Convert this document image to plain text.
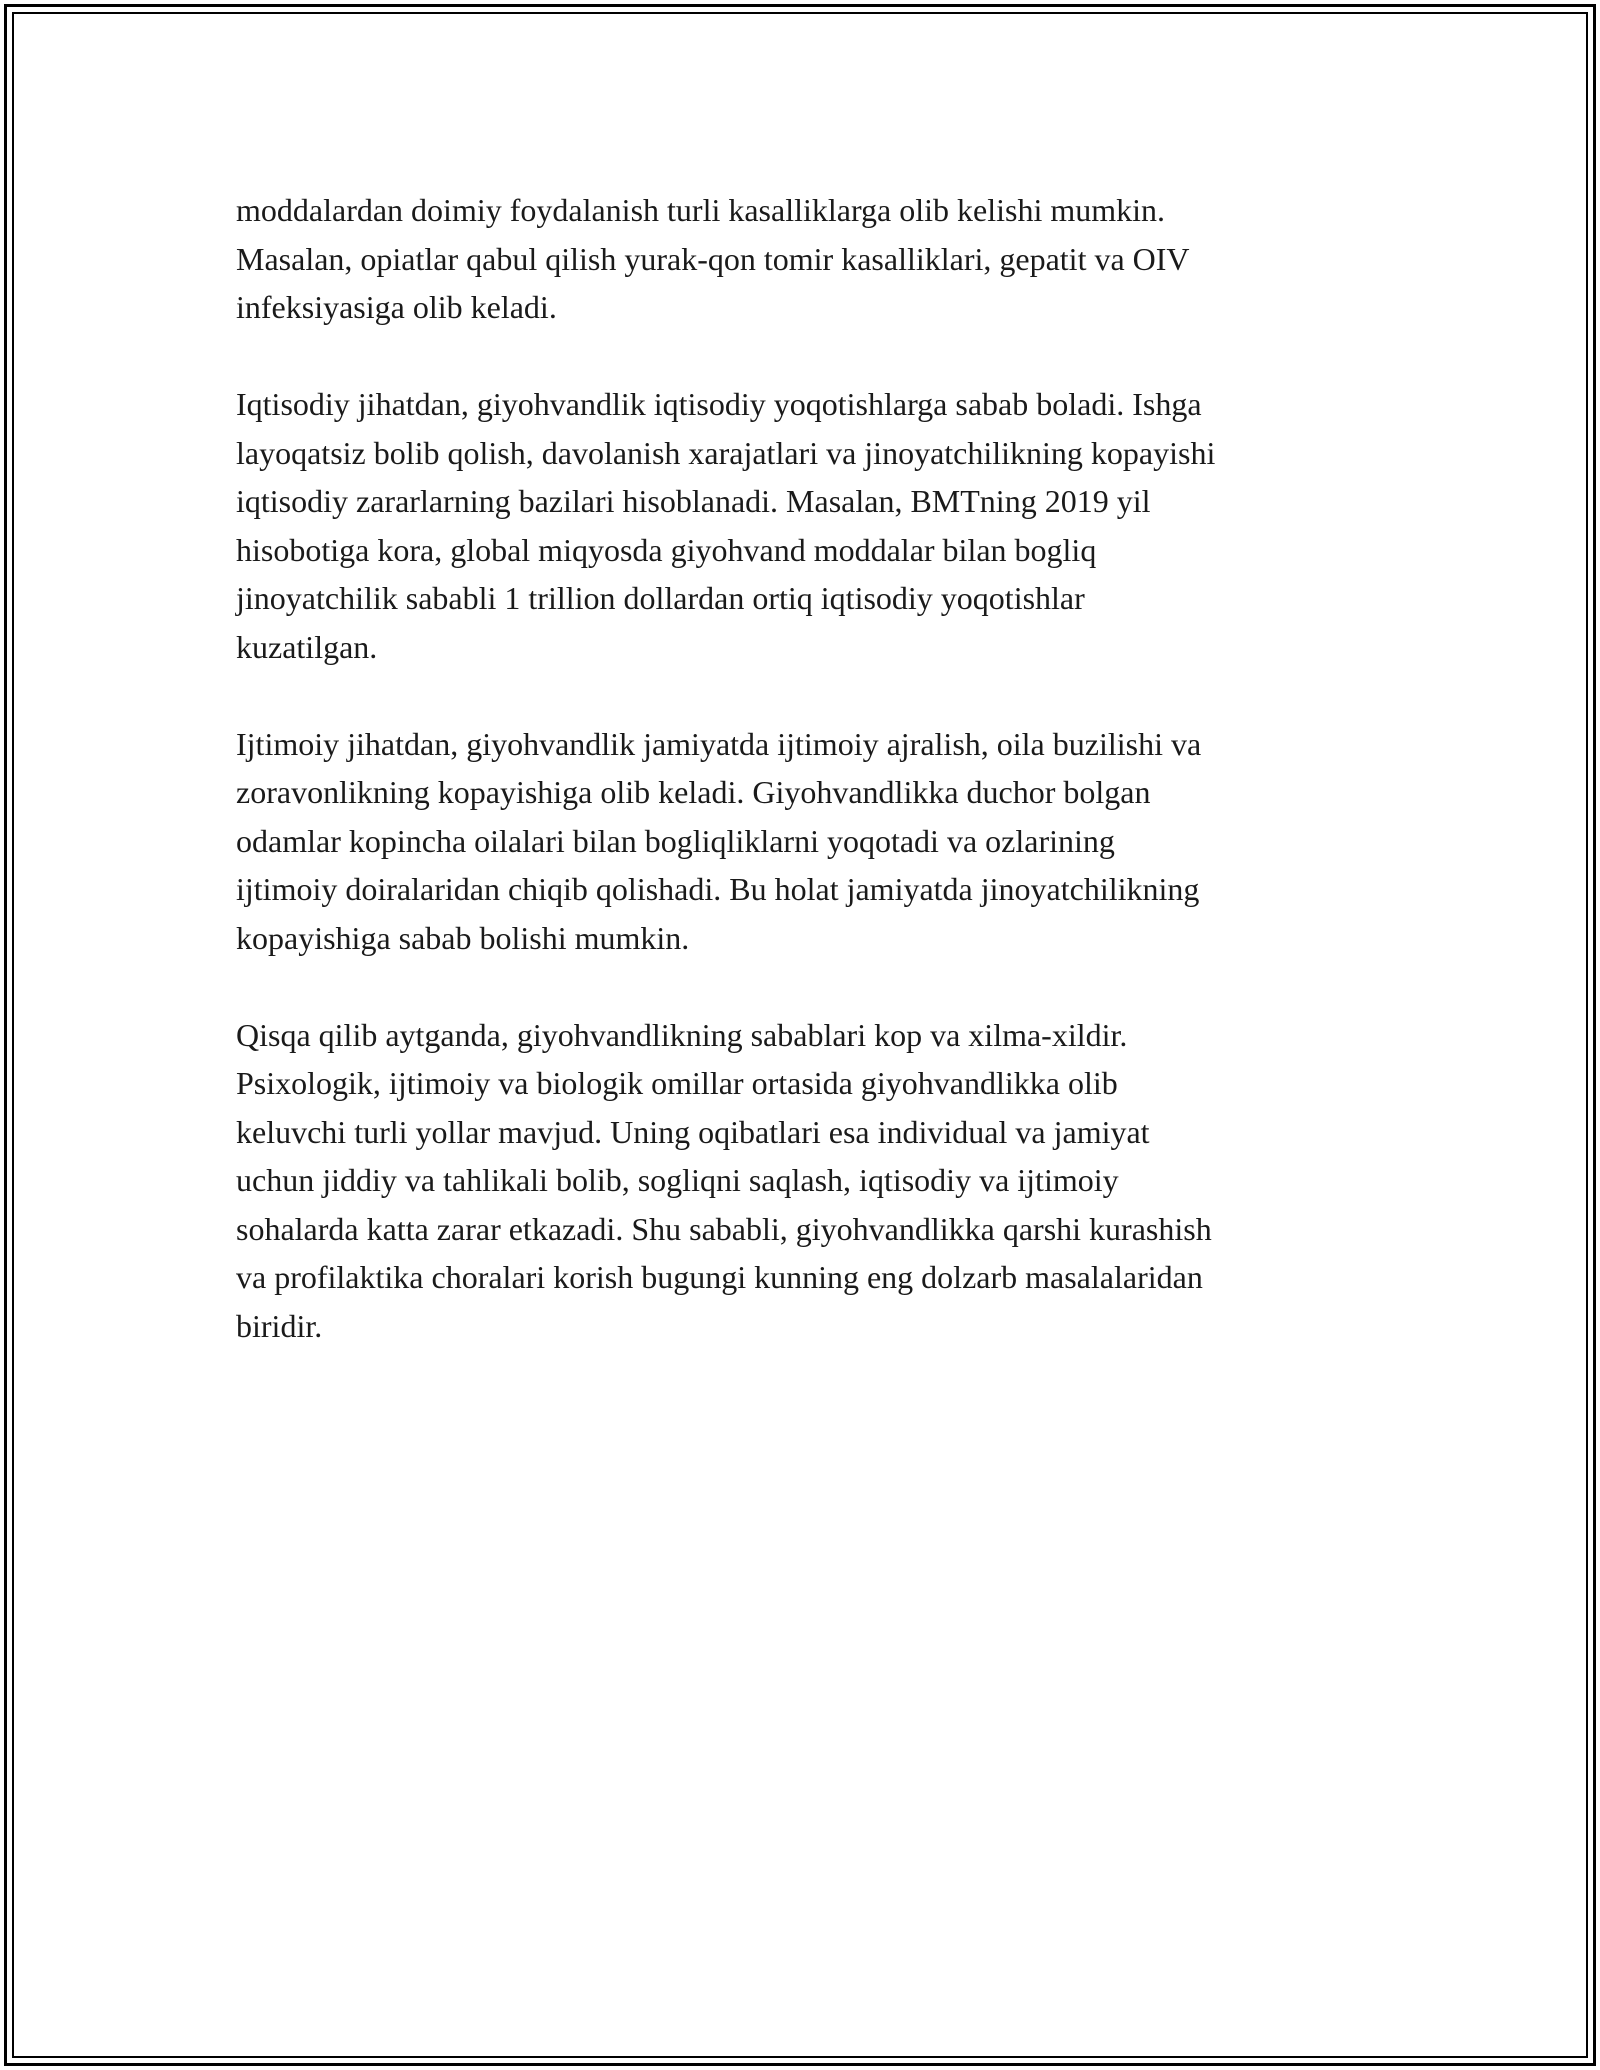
moddalardan doimiy foydalanish turli kasalliklarga olib kelishi mumkin.
Masalan, opiatlar qabul qilish yurak-qon tomir kasalliklari, gepatit va OIV
infeksiyasiga olib keladi.

Iqtisodiy jihatdan, giyohvandlik iqtisodiy yoqotishlarga sabab boladi. Ishga
layoqatsiz bolib qolish, davolanish xarajatlari va jinoyatchilikning kopayishi
iqtisodiy zararlarning bazilari hisoblanadi. Masalan, BMTning 2019 yil
hisobotiga kora, global miqyosda giyohvand moddalar bilan bogliq
jinoyatchilik sababli 1 trillion dollardan ortiq iqtisodiy yoqotishlar
kuzatilgan.

Ijtimoiy jihatdan, giyohvandlik jamiyatda ijtimoiy ajralish, oila buzilishi va
zoravonlikning kopayishiga olib keladi. Giyohvandlikka duchor bolgan
odamlar kopincha oilalari bilan bogliqliklarni yoqotadi va ozlarining
ijtimoiy doiralaridan chiqib qolishadi. Bu holat jamiyatda jinoyatchilikning
kopayishiga sabab bolishi mumkin.

Qisqa qilib aytganda, giyohvandlikning sabablari kop va xilma-xildir.
Psixologik, ijtimoiy va biologik omillar ortasida giyohvandlikka olib
keluvchi turli yollar mavjud. Uning oqibatlari esa individual va jamiyat
uchun jiddiy va tahlikali bolib, sogliqni saqlash, iqtisodiy va ijtimoiy
sohalarda katta zarar etkazadi. Shu sababli, giyohvandlikka qarshi kurashish
va profilaktika choralari korish bugungi kunning eng dolzarb masalalaridan
biridir.
